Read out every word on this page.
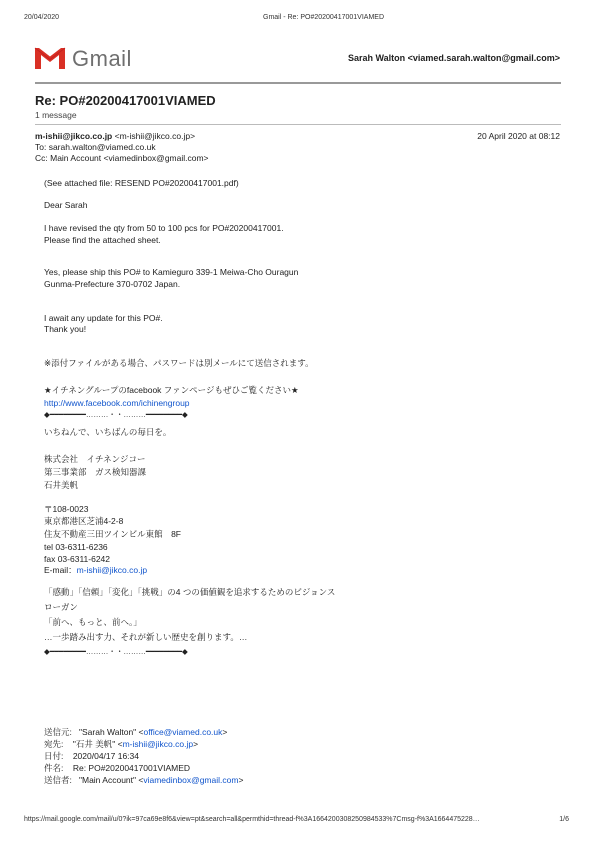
20/04/2020	Gmail - Re: PO#20200417001VIAMED
Gmail	Sarah Walton <viamed.sarah.walton@gmail.com>
Re: PO#20200417001VIAMED
1 message
m-ishii@jikco.co.jp <m-ishii@jikco.co.jp>	20 April 2020 at 08:12
To: sarah.walton@viamed.co.uk
Cc: Main Account <viamedinbox@gmail.com>
(See attached file: RESEND PO#20200417001.pdf)
Dear Sarah
I have revised the qty from 50 to 100 pcs for PO#20200417001.
Please find the attached sheet.
Yes, please ship this PO# to Kamieguro 339-1 Meiwa-Cho Ouragun
Gunma-Prefecture 370-0702 Japan.
I await any update for this PO#.
Thank you!
※添付ファイルがある場合、パスワードは別メールにて送信されます。
★イチネングループのfacebook ファンページもぜひご覧ください★
http://www.facebook.com/ichinengroup
◆━━━━━━━━………・・………━━━━━━━━◆
いちねんで、いちばんの毎日を。
株式会社　イチネンジコー
第三事業部　ガス検知器課
石井美帆
〒108-0023
東京都港区芝浦4-2-8
住友不動産三田ツインビル東館　8F
tel 03-6311-6236
fax 03-6311-6242
E-mail：m-ishii@jikco.co.jp
「感動」「信頼」「変化」「挑戦」の4 つの価値観を追求するためのビジョンス
ローガン
「前へ、もっと、前へ。」
…一歩踏み出す力、それが新しい歴史を創ります。…
◆━━━━━━━━………・・………━━━━━━━━◆
送信元: "Sarah Walton" <office@viamed.co.uk>
宛先: "石井 美帆" <m-ishii@jikco.co.jp>
日付: 2020/04/17 16:34
件名: Re: PO#20200417001VIAMED
送信者: "Main Account" <viamedinbox@gmail.com>
https://mail.google.com/mail/u/0?ik=97ca69e8f6&view=pt&search=all&permthid=thread-f%3A1664200308250984533%7Cmsg-f%3A1664475228…	1/6
